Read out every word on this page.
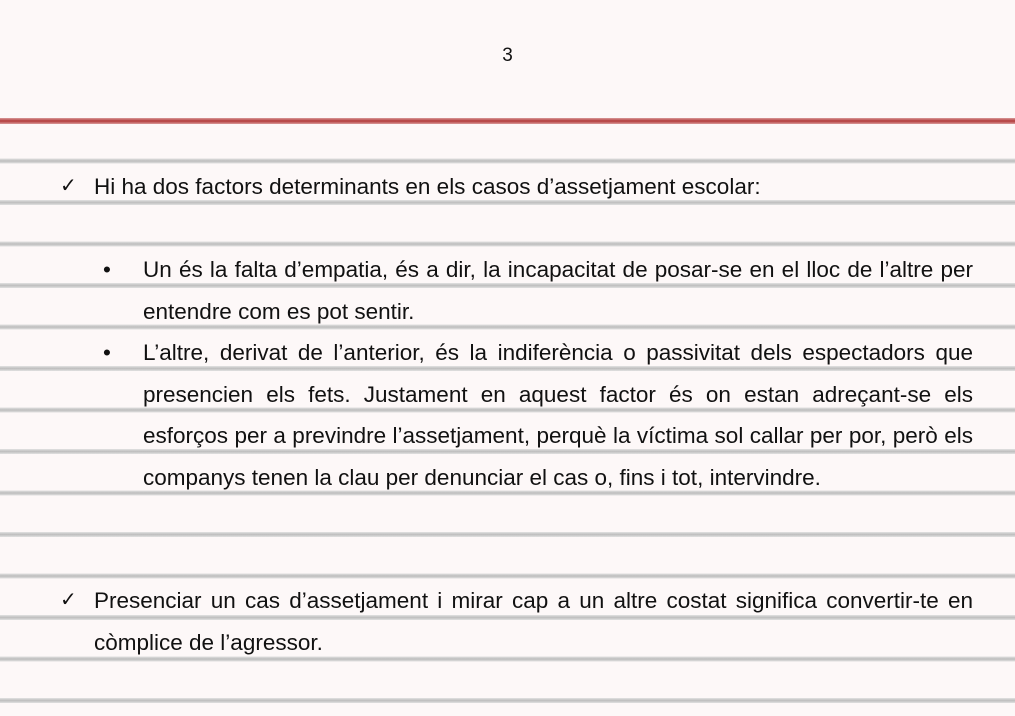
3
✓ Hi ha dos factors determinants en els casos d’assetjament escolar:
•	Un és la falta d’empatia, és a dir, la incapacitat de posar-se en el lloc de l’altre per entendre com es pot sentir.
•	L’altre, derivat de l’anterior, és la indiferència o passivitat dels espectadors que presencien els fets. Justament en aquest factor és on estan adreçant-se els esforços per a previndre l’assetjament, perquè la víctima sol callar per por, però els companys tenen la clau per denunciar el cas o, fins i tot, intervindre.
✓ Presenciar un cas d’assetjament i mirar cap a un altre costat significa convertir-te en còmplice de l’agressor.
